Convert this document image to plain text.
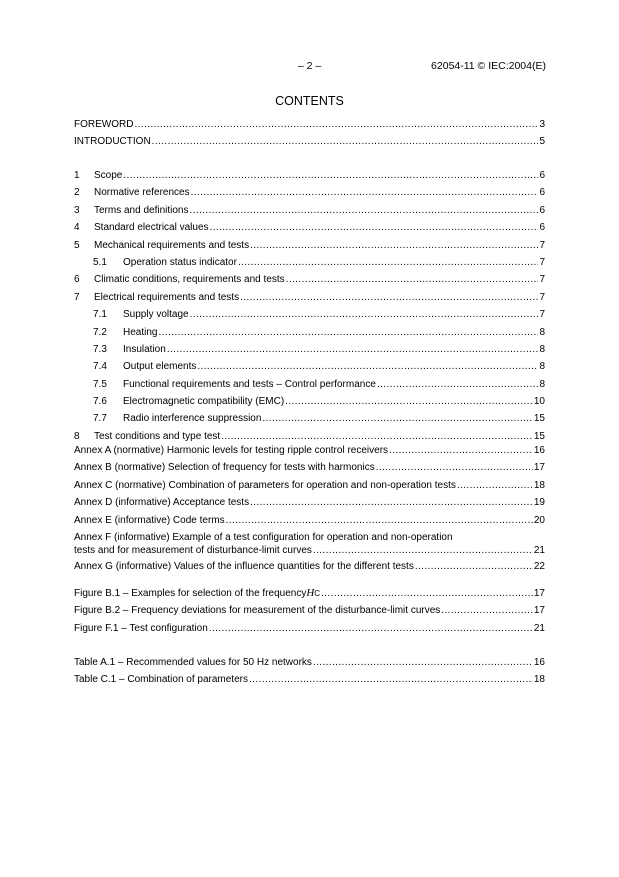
– 2 –	62054-11 © IEC:2004(E)
CONTENTS
FOREWORD .....	3
INTRODUCTION .....	5
1	Scope .....	6
2	Normative references .....	6
3	Terms and definitions .....	6
4	Standard electrical values .....	6
5	Mechanical requirements and tests .....	7
5.1	Operation status indicator .....	7
6	Climatic conditions, requirements and tests .....	7
7	Electrical requirements and tests .....	7
7.1	Supply voltage .....	7
7.2	Heating .....	8
7.3	Insulation .....	8
7.4	Output elements .....	8
7.5	Functional requirements and tests – Control performance .....	8
7.6	Electromagnetic compatibility (EMC) .....	10
7.7	Radio interference suppression .....	15
8	Test conditions and type test .....	15
Annex A (normative) Harmonic levels for testing ripple control receivers .....	16
Annex B (normative) Selection of frequency for tests with harmonics .....	17
Annex C (normative) Combination of parameters for operation and non-operation tests .....	18
Annex D (informative) Acceptance tests .....	19
Annex E (informative) Code terms .....	20
Annex F (informative) Example of a test configuration for operation and non-operation
tests and for measurement of disturbance-limit curves .....	21
Annex G (informative) Values of the influence quantities for the different tests .....	22
Figure B.1 – Examples for selection of the frequency H C .....	17
Figure B.2 – Frequency deviations for measurement of the disturbance-limit curves .....	17
Figure F.1 – Test configuration .....	21
Table A.1 – Recommended values for 50 Hz networks .....	16
Table C.1 – Combination of parameters .....	18
